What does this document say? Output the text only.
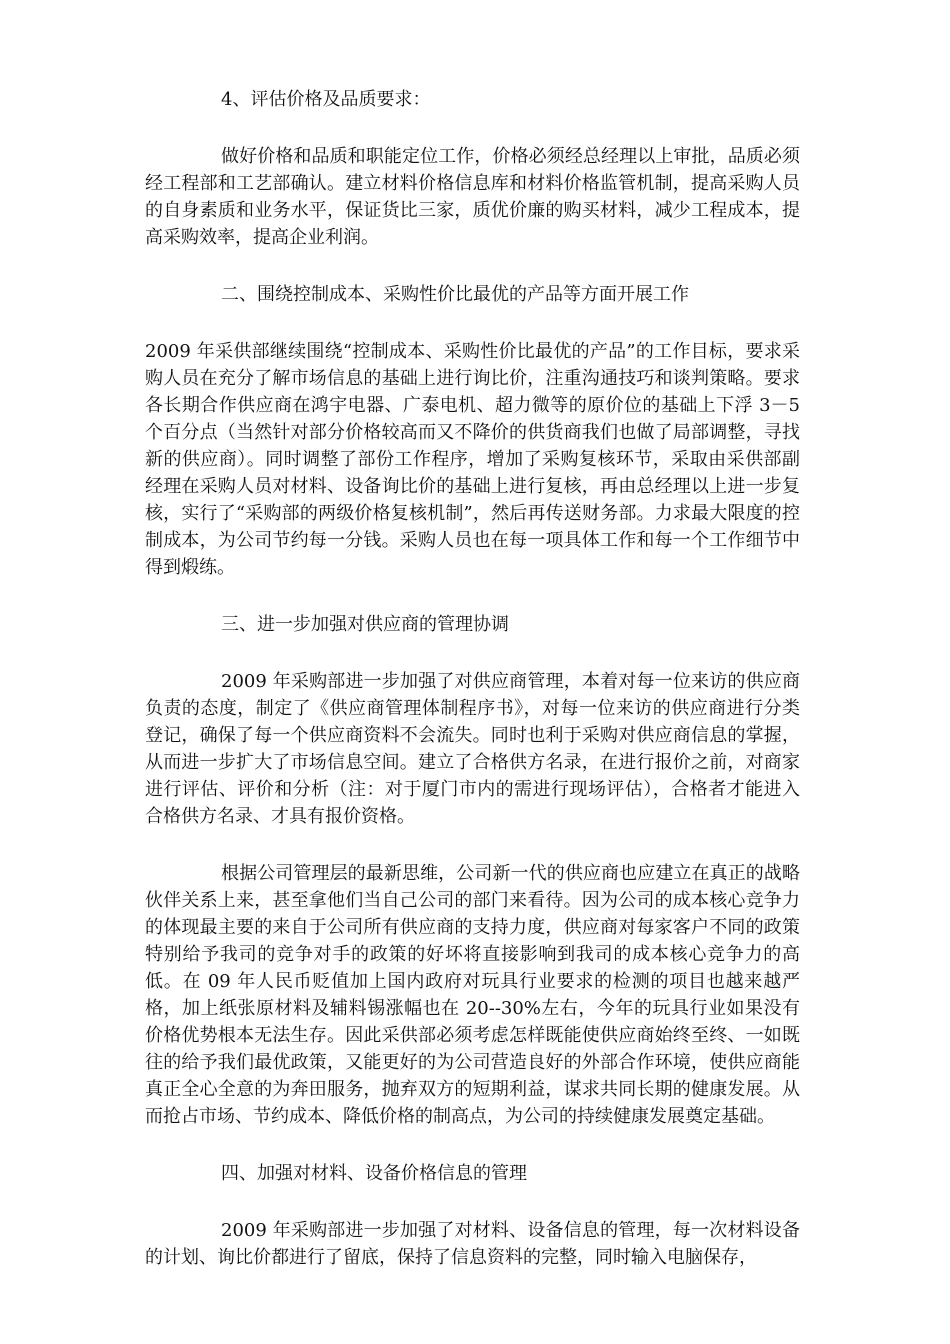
4、评估价格及品质要求：

做好价格和品质和职能定位工作，价格必须经总经理以上审批，品质必须经工程部和工艺部确认。建立材料价格信息库和材料价格监管机制，提高采购人员的自身素质和业务水平，保证货比三家，质优价廉的购买材料，减少工程成本，提高采购效率，提高企业利润。

二、围绕控制成本、采购性价比最优的产品等方面开展工作

2009 年采供部继续围绕“控制成本、采购性价比最优的产品”的工作目标，要求采购人员在充分了解市场信息的基础上进行询比价，注重沟通技巧和谈判策略。要求各长期合作供应商在鸿宇电器、广泰电机、超力微等的原价位的基础上下浮 3－5 个百分点（当然针对部分价格较高而又不降价的供货商我们也做了局部调整，寻找新的供应商）。同时调整了部份工作程序，增加了采购复核环节，采取由采供部副经理在采购人员对材料、设备询比价的基础上进行复核，再由总经理以上进一步复核，实行了“采购部的两级价格复核机制”，然后再传送财务部。力求最大限度的控制成本，为公司节约每一分钱。采购人员也在每一项具体工作和每一个工作细节中得到煅练。

三、进一步加强对供应商的管理协调

2009 年采购部进一步加强了对供应商管理，本着对每一位来访的供应商负责的态度，制定了《供应商管理体制程序书》，对每一位来访的供应商进行分类登记，确保了每一个供应商资料不会流失。同时也利于采购对供应商信息的掌握，从而进一步扩大了市场信息空间。建立了合格供方名录，在进行报价之前，对商家进行评估、评价和分析（注：对于厦门市内的需进行现场评估），合格者才能进入合格供方名录、才具有报价资格。

根据公司管理层的最新思维，公司新一代的供应商也应建立在真正的战略伙伴关系上来，甚至拿他们当自己公司的部门来看待。因为公司的成本核心竞争力的体现最主要的来自于公司所有供应商的支持力度，供应商对每家客户不同的政策特别给予我司的竞争对手的政策的好坏将直接影响到我司的成本核心竞争力的高低。在 09 年人民币贬值加上国内政府对玩具行业要求的检测的项目也越来越严格，加上纸张原材料及辅料锡涨幅也在 20--30%左右，今年的玩具行业如果没有价格优势根本无法生存。因此采供部必须考虑怎样既能使供应商始终至终、一如既往的给予我们最优政策，又能更好的为公司营造良好的外部合作环境，使供应商能真正全心全意的为奔田服务，抛弃双方的短期利益，谋求共同长期的健康发展。从而抢占市场、节约成本、降低价格的制高点，为公司的持续健康发展奠定基础。

四、加强对材料、设备价格信息的管理

2009 年采购部进一步加强了对材料、设备信息的管理，每一次材料设备的计划、询比价都进行了留底，保持了信息资料的完整，同时输入电脑保存，
